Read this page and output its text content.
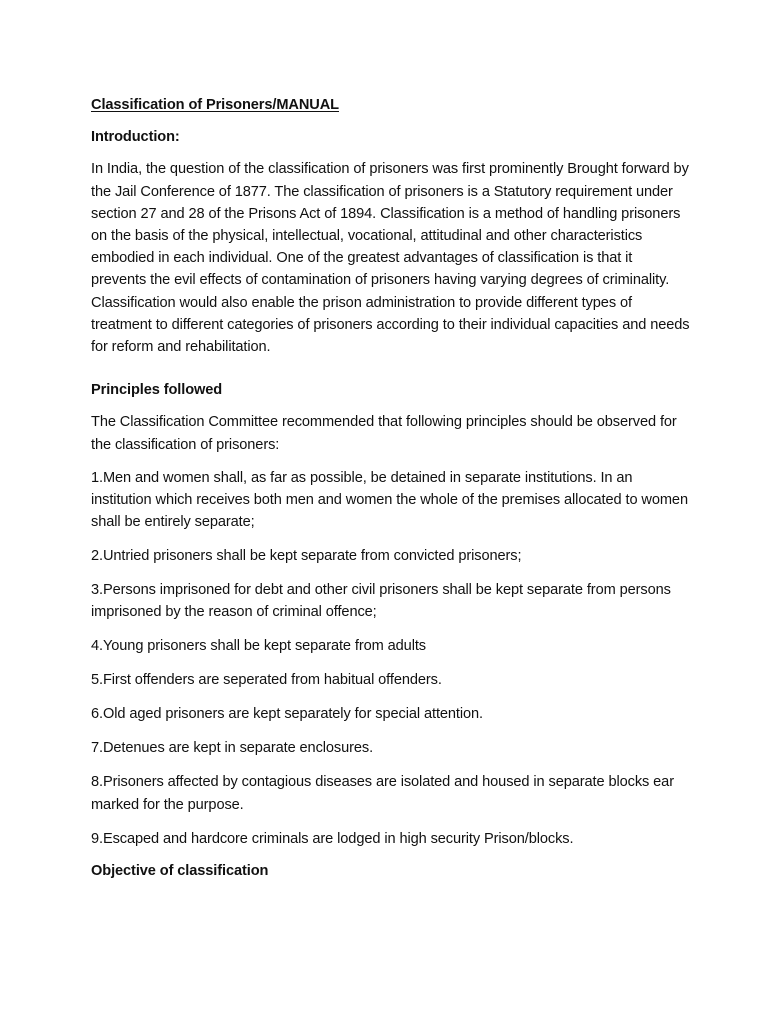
Classification of Prisoners/MANUAL
Introduction:
In India, the question of the classification of prisoners was first prominently Brought forward by the Jail Conference of 1877. The classification of prisoners is a Statutory requirement under section 27 and 28 of the Prisons Act of 1894. Classification is a method of handling prisoners on the basis of the physical, intellectual, vocational, attitudinal and other characteristics embodied in each individual. One of the greatest advantages of classification is that it prevents the evil effects of contamination of prisoners having varying degrees of criminality. Classification would also enable the prison administration to provide different types of treatment to different categories of prisoners according to their individual capacities and needs for reform and rehabilitation.
Principles followed
The Classification Committee recommended that following principles should be observed for the classification of prisoners:
1.Men and women shall, as far as possible, be detained in separate institutions. In an institution which receives both men and women the whole of the premises allocated to women shall be entirely separate;
2.Untried prisoners shall be kept separate from convicted prisoners;
3.Persons imprisoned for debt and other civil prisoners shall be kept separate from persons imprisoned by the reason of criminal offence;
4.Young prisoners shall be kept separate from adults
5.First offenders are seperated from habitual offenders.
6.Old aged prisoners are kept separately for special attention.
7.Detenues are kept in separate enclosures.
8.Prisoners affected by contagious diseases are isolated and housed in separate blocks ear marked for the purpose.
9.Escaped and hardcore criminals are lodged in high security Prison/blocks.
Objective of classification
